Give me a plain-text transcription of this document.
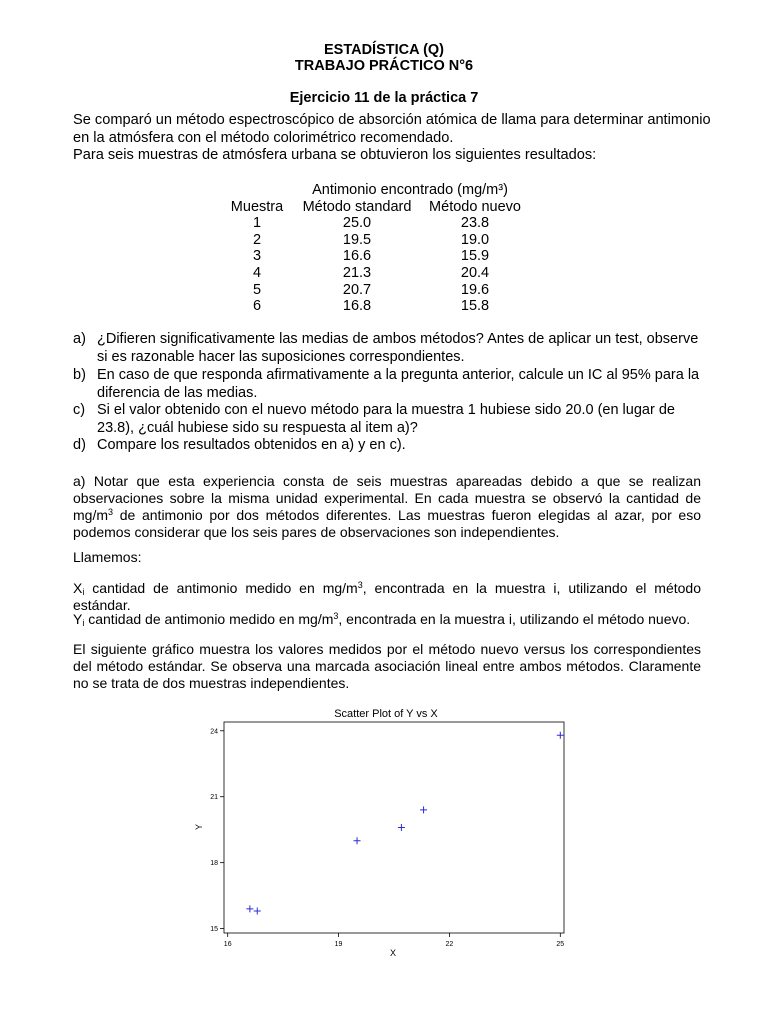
ESTADÍSTICA (Q)
TRABAJO PRÁCTICO N°6
Ejercicio 11 de la práctica 7
Se comparó un método espectroscópico de absorción atómica de llama para determinar antimonio en la atmósfera con el método colorimétrico recomendado.
Para seis muestras de atmósfera urbana se obtuvieron los siguientes resultados:
	Antimonio encontrado (mg/m³)	
Muestra	Método standard	Método nuevo
1	25.0	23.8
2	19.5	19.0
3	16.6	15.9
4	21.3	20.4
5	20.7	19.6
6	16.8	15.8
a) ¿Difieren significativamente las medias de ambos métodos? Antes de aplicar un test, observe si es razonable hacer las suposiciones correspondientes.
b) En caso de que responda afirmativamente a la pregunta anterior, calcule un IC al 95% para la diferencia de las medias.
c) Si el valor obtenido con el nuevo método para la muestra 1 hubiese sido 20.0 (en lugar de 23.8), ¿cuál hubiese sido su respuesta al item a)?
d) Compare los resultados obtenidos en a) y en c).
a) Notar que esta experiencia consta de seis muestras apareadas debido a que se realizan observaciones sobre la misma unidad experimental. En cada muestra se observó la cantidad de $mg/m^3$ de antimonio por dos métodos diferentes. Las muestras fueron elegidas al azar, por eso podemos considerar que los seis pares de observaciones son independientes.
Llamemos:
$X_i$ cantidad de antimonio medido en $mg/m^3$, encontrada en la muestra i, utilizando el método estándar.
$Y_i$ cantidad de antimonio medido en $mg/m^3$, encontrada en la muestra i, utilizando el método nuevo.
El siguiente gráfico muestra los valores medidos por el método nuevo versus los correspondientes del método estándar. Se observa una marcada asociación lineal entre ambos métodos. Claramente no se trata de dos muestras independientes.
Scatter Plot of Y vs X
16	19	22	25
15
18
21
24
X
Y
